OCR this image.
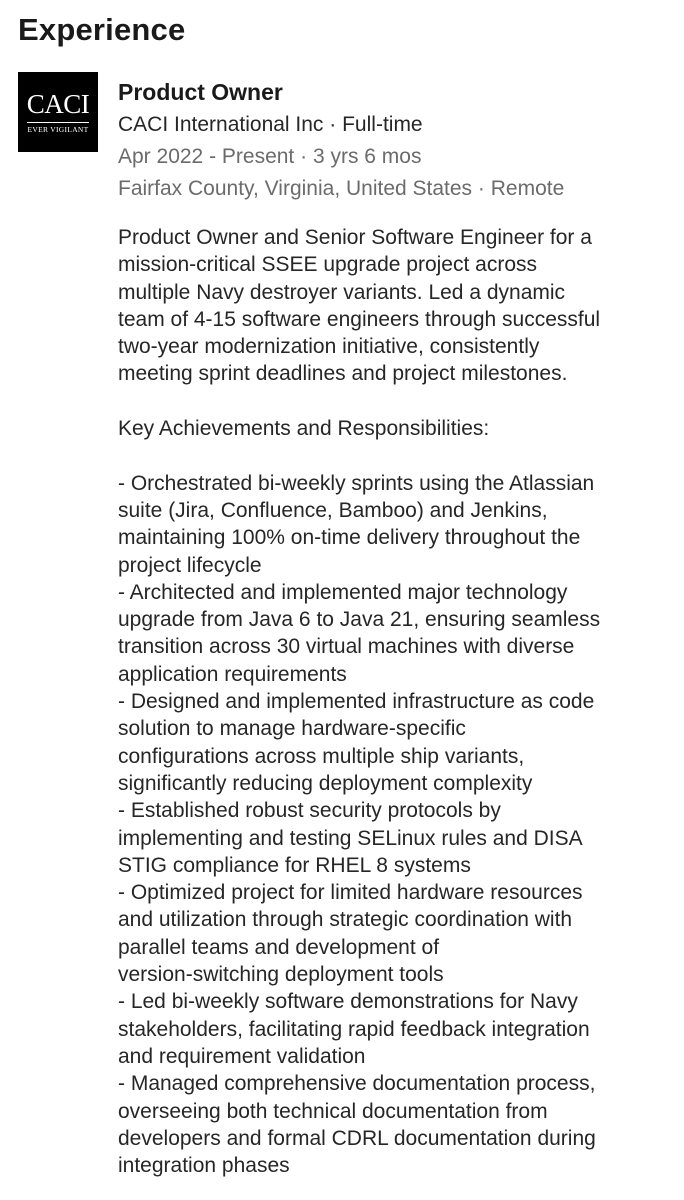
Experience
CACI
EVER VIGILANT
Product Owner
CACI International Inc · Full-time
Apr 2022 - Present · 3 yrs 6 mos
Fairfax County, Virginia, United States · Remote
Product Owner and Senior Software Engineer for a
mission-critical SSEE upgrade project across
multiple Navy destroyer variants. Led a dynamic
team of 4-15 software engineers through successful
two-year modernization initiative, consistently
meeting sprint deadlines and project milestones.
Key Achievements and Responsibilities:
- Orchestrated bi-weekly sprints using the Atlassian
suite (Jira, Confluence, Bamboo) and Jenkins,
maintaining 100% on-time delivery throughout the
project lifecycle
- Architected and implemented major technology
upgrade from Java 6 to Java 21, ensuring seamless
transition across 30 virtual machines with diverse
application requirements
- Designed and implemented infrastructure as code
solution to manage hardware-specific
configurations across multiple ship variants,
significantly reducing deployment complexity
- Established robust security protocols by
implementing and testing SELinux rules and DISA
STIG compliance for RHEL 8 systems
- Optimized project for limited hardware resources
and utilization through strategic coordination with
parallel teams and development of
version-switching deployment tools
- Led bi-weekly software demonstrations for Navy
stakeholders, facilitating rapid feedback integration
and requirement validation
- Managed comprehensive documentation process,
overseeing both technical documentation from
developers and formal CDRL documentation during
integration phases
